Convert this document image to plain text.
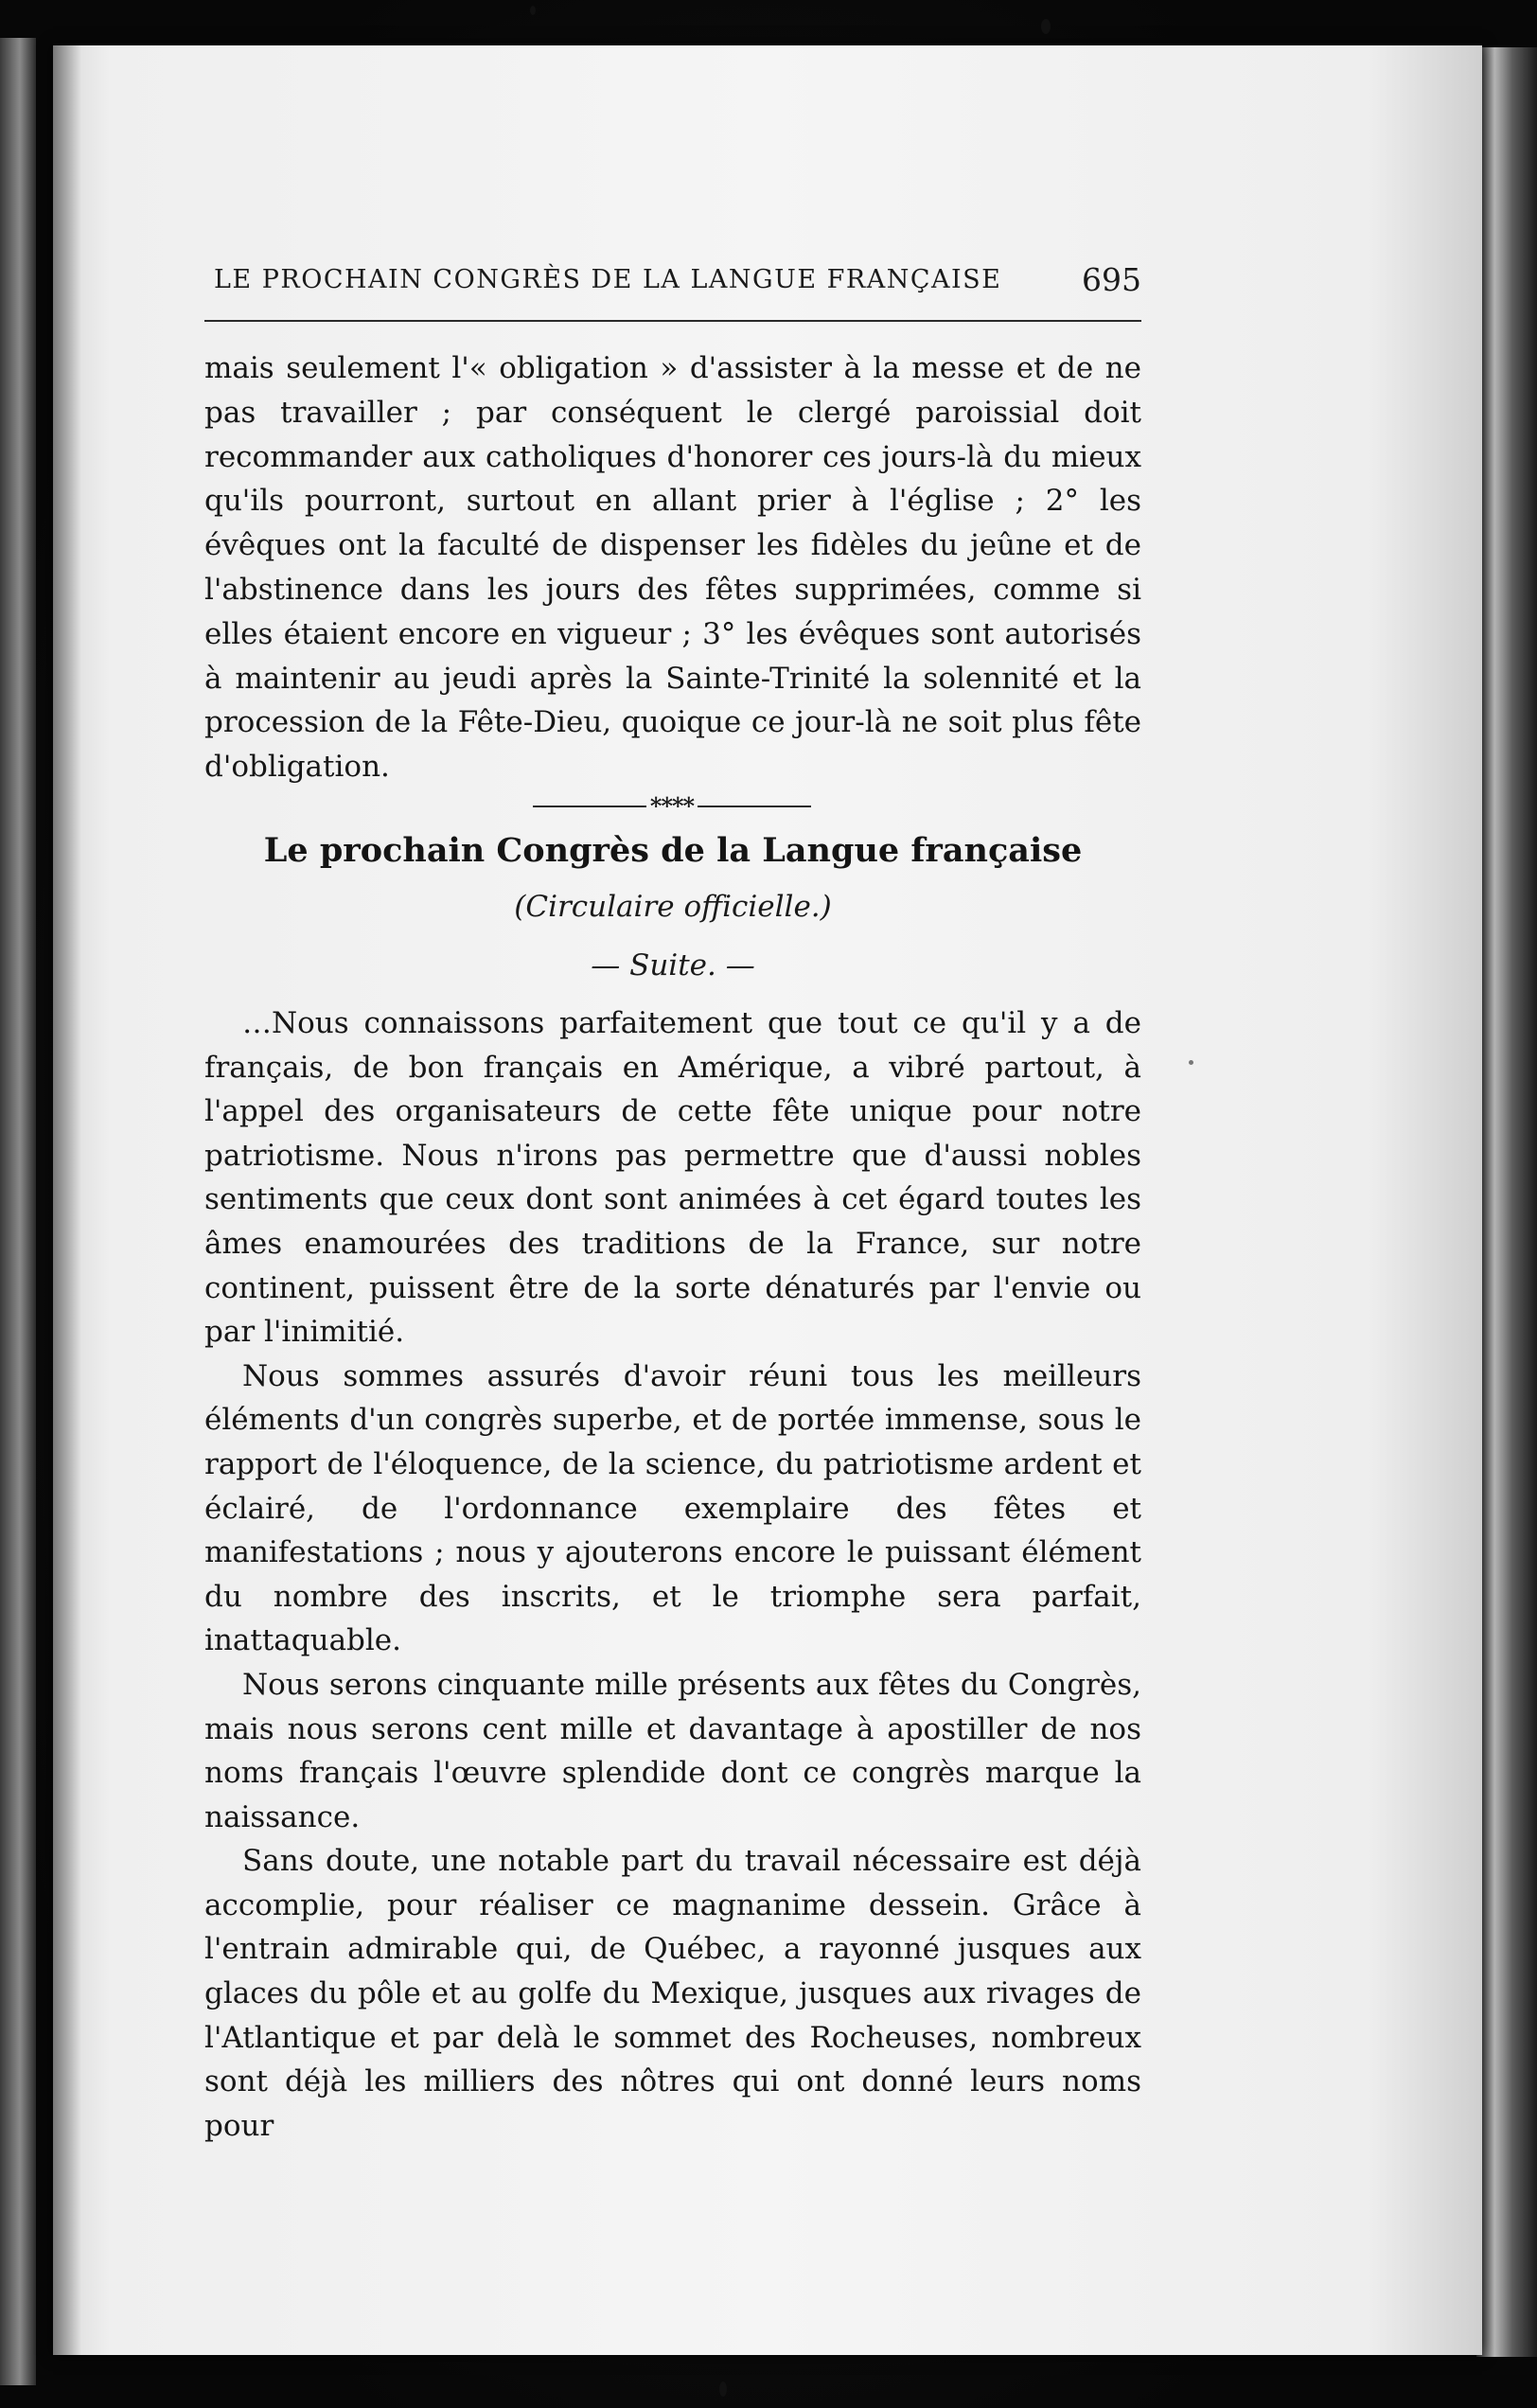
LE PROCHAIN CONGRÈS DE LA LANGUE FRANÇAISE	695

mais seulement l'« obligation » d'assister à la messe et de ne pas travailler ; par conséquent le clergé paroissial doit recommander aux catholiques d'honorer ces jours-là du mieux qu'ils pourront, surtout en allant prier à l'église ; 2° les évêques ont la faculté de dispenser les fidèles du jeûne et de l'abstinence dans les jours des fêtes supprimées, comme si elles étaient encore en vigueur ; 3° les évêques sont autorisés à maintenir au jeudi après la Sainte-Trinité la solennité et la procession de la Fête-Dieu, quoique ce jour-là ne soit plus fête d'obligation.

****
Le prochain Congrès de la Langue française
(Circulaire officielle.)
— Suite. —

…Nous connaissons parfaitement que tout ce qu'il y a de français, de bon français en Amérique, a vibré partout, à l'appel des organisateurs de cette fête unique pour notre patriotisme. Nous n'irons pas permettre que d'aussi nobles sentiments que ceux dont sont animées à cet égard toutes les âmes enamourées des traditions de la France, sur notre continent, puissent être de la sorte dénaturés par l'envie ou par l'inimitié.

Nous sommes assurés d'avoir réuni tous les meilleurs éléments d'un congrès superbe, et de portée immense, sous le rapport de l'éloquence, de la science, du patriotisme ardent et éclairé, de l'ordonnance exemplaire des fêtes et manifestations ; nous y ajouterons encore le puissant élément du nombre des inscrits, et le triomphe sera parfait, inattaquable.

Nous serons cinquante mille présents aux fêtes du Congrès, mais nous serons cent mille et davantage à apostiller de nos noms français l'œuvre splendide dont ce congrès marque la naissance.

Sans doute, une notable part du travail nécessaire est déjà accomplie, pour réaliser ce magnanime dessein. Grâce à l'entrain admirable qui, de Québec, a rayonné jusques aux glaces du pôle et au golfe du Mexique, jusques aux rivages de l'Atlantique et par delà le sommet des Rocheuses, nombreux sont déjà les milliers des nôtres qui ont donné leurs noms pour
